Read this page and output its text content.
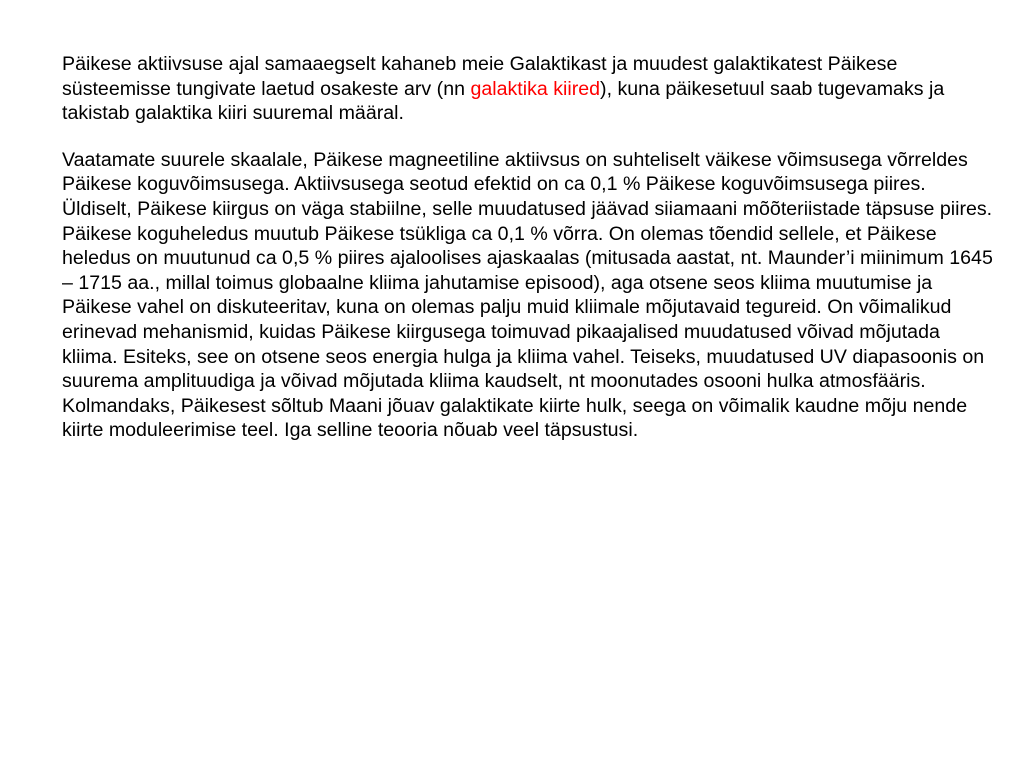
Päikese aktiivsuse ajal samaaegselt kahaneb meie Galaktikast ja muudest galaktikatest Päikese süsteemisse tungivate laetud osakeste arv (nn galaktika kiired), kuna päikesetuul saab tugevamaks ja takistab galaktika kiiri suuremal määral.

Vaatamate suurele skaalale, Päikese magneetiline aktiivsus on suhteliselt väikese võimsusega võrreldes Päikese koguvõimsusega. Aktiivsusega seotud efektid on ca 0,1 % Päikese koguvõimsusega piires. Üldiselt, Päikese kiirgus on väga stabiilne, selle muudatused jäävad siiamaani mõõteriistade täpsuse piires. Päikese koguheledus muutub Päikese tsükliga ca 0,1 % võrra. On olemas tõendid sellele, et Päikese heledus on muutunud ca 0,5 % piires ajaloolises ajaskaalas (mitusada aastat, nt. Maunder’i miinimum 1645 – 1715 aa., millal toimus globaalne kliima jahutamise episood), aga otsene seos kliima muutumise ja Päikese vahel on diskuteeritav, kuna on olemas palju muid kliimale mõjutavaid tegureid. On võimalikud erinevad mehanismid, kuidas Päikese kiirgusega toimuvad pikaajalised muudatused võivad mõjutada kliima. Esiteks, see on otsene seos energia hulga ja kliima vahel. Teiseks, muudatused UV diapasoonis on suurema amplituudiga ja võivad mõjutada kliima kaudselt, nt moonutades osooni hulka atmosfääris. Kolmandaks, Päikesest sõltub Maani jõuav galaktikate kiirte hulk, seega on võimalik kaudne mõju nende kiirte moduleerimise teel. Iga selline teooria nõuab veel täpsustusi.
